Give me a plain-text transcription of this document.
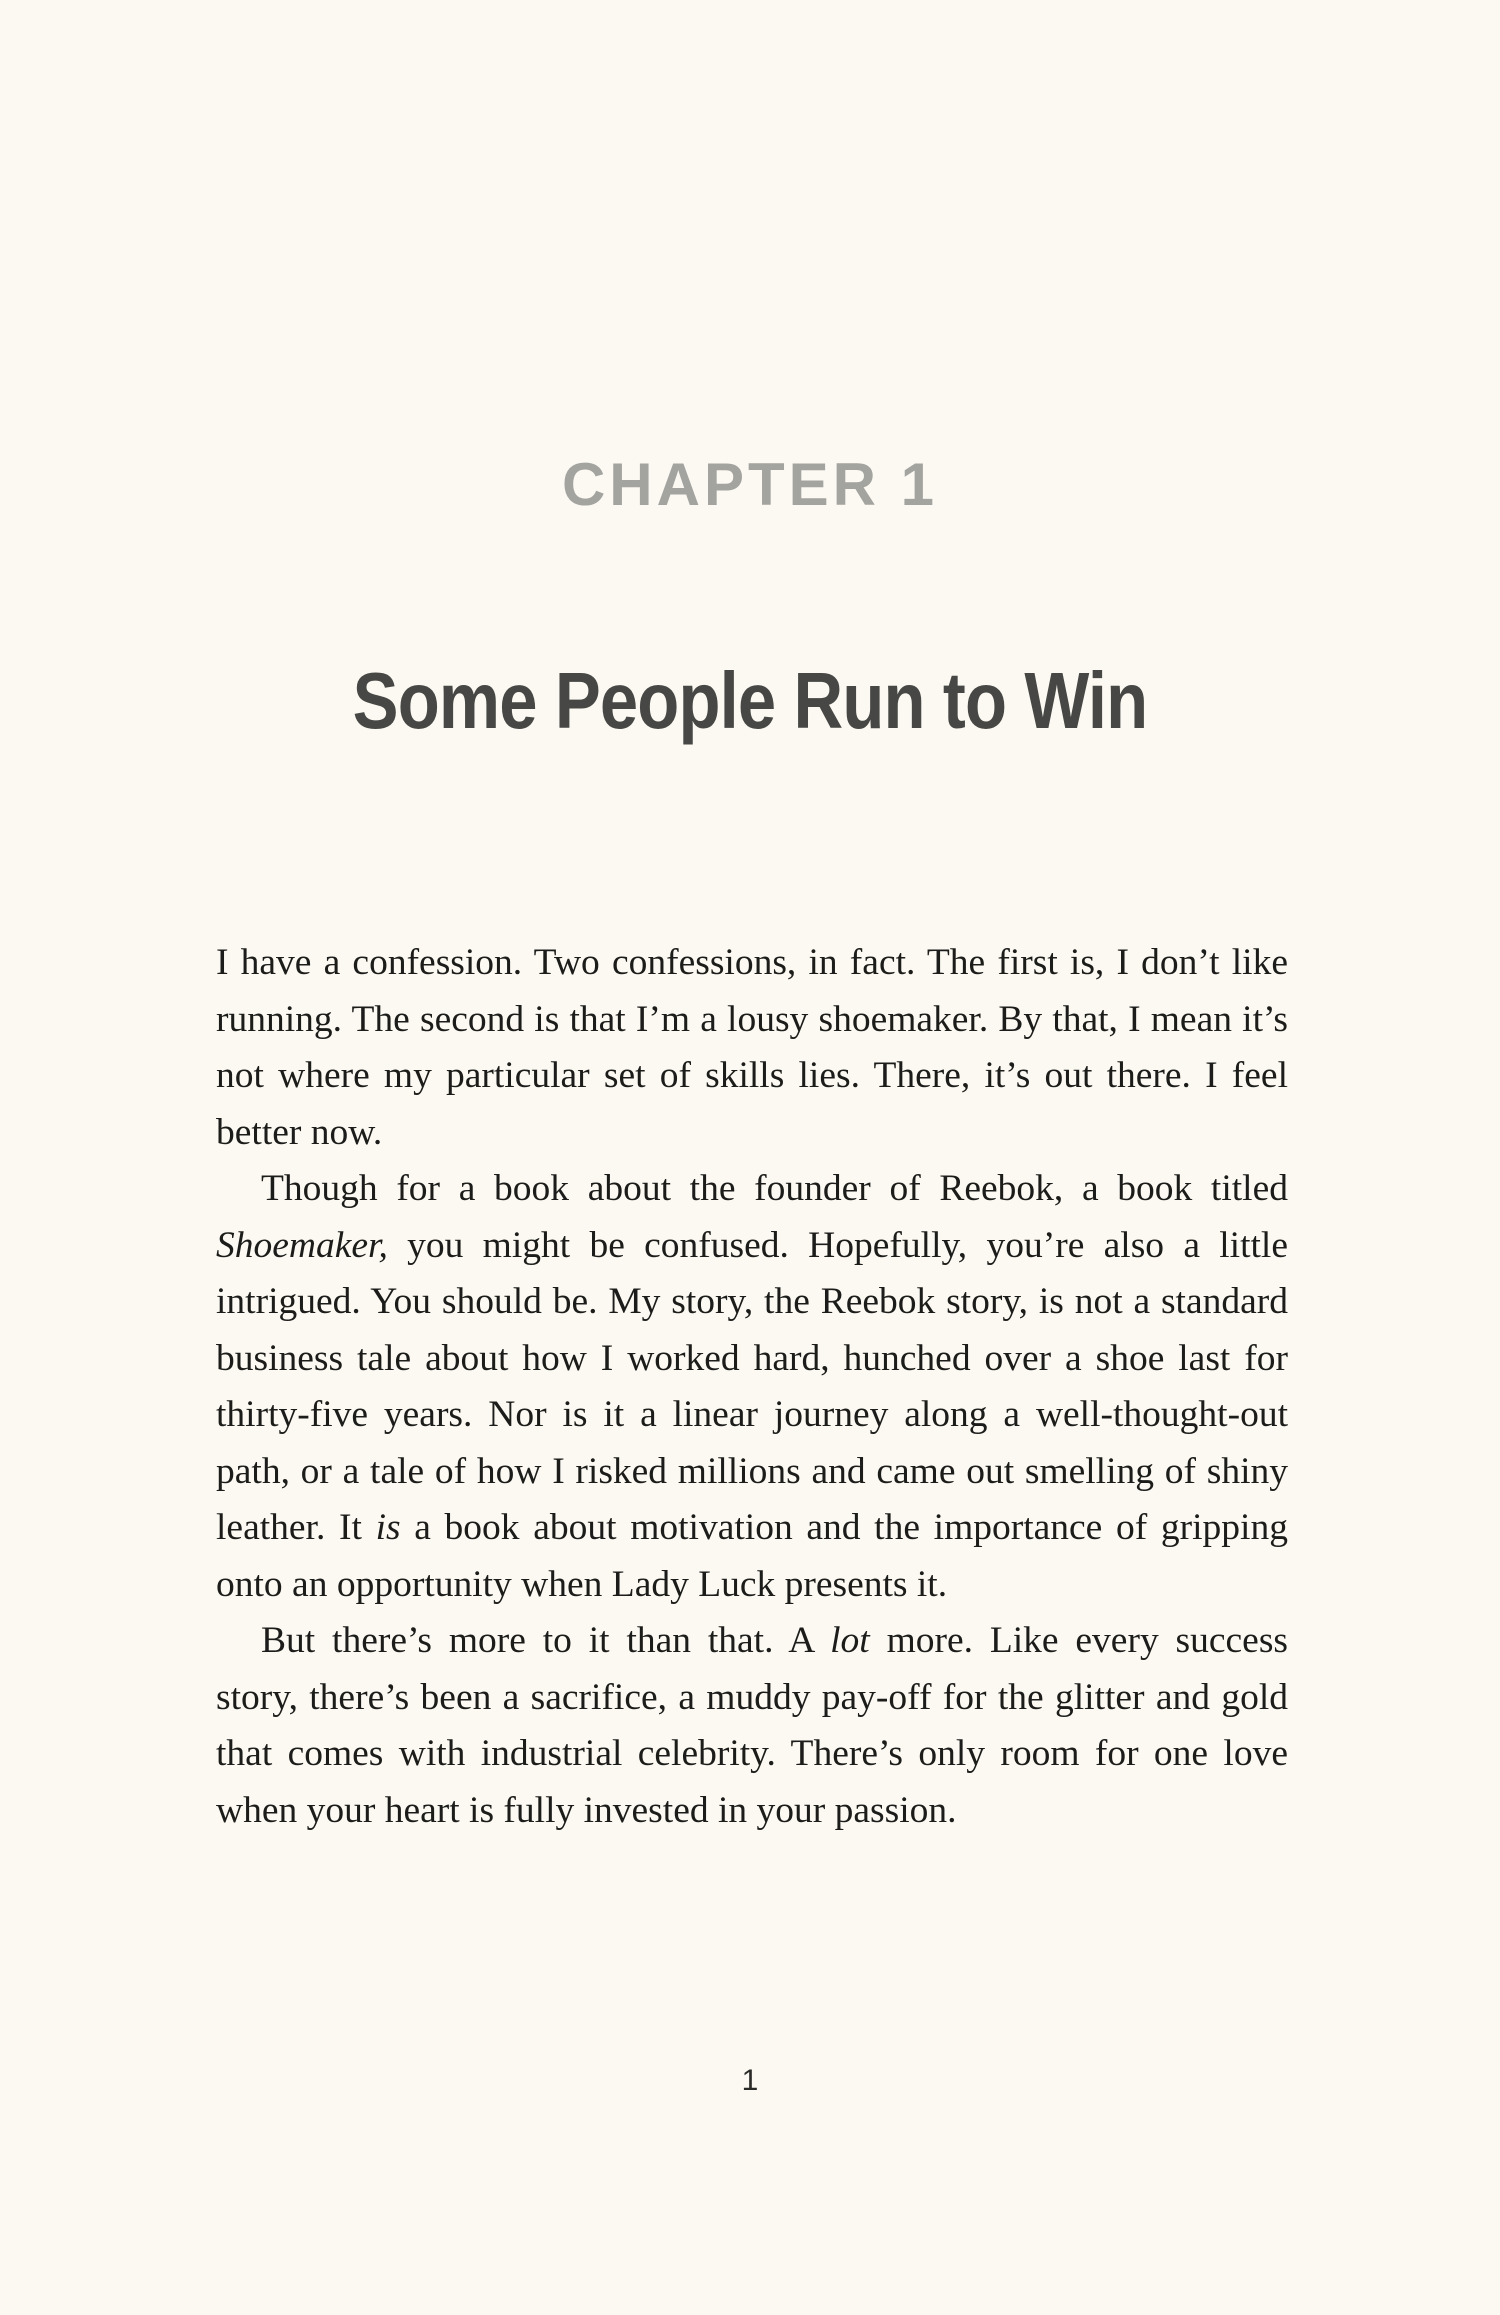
CHAPTER 1
Some People Run to Win

I have a confession. Two confessions, in fact. The first is, I don’t like running. The second is that I’m a lousy shoemaker. By that, I mean it’s not where my particular set of skills lies. There, it’s out there. I feel better now.

Though for a book about the founder of Reebok, a book titled Shoemaker, you might be confused. Hopefully, you’re also a little intrigued. You should be. My story, the Reebok story, is not a standard business tale about how I worked hard, hunched over a shoe last for thirty-five years. Nor is it a linear journey along a well-thought-out path, or a tale of how I risked millions and came out smelling of shiny leather. It is a book about motivation and the importance of gripping onto an opportunity when Lady Luck presents it.

But there’s more to it than that. A lot more. Like every success story, there’s been a sacrifice, a muddy pay-off for the glitter and gold that comes with industrial celebrity. There’s only room for one love when your heart is fully invested in your passion.

1
